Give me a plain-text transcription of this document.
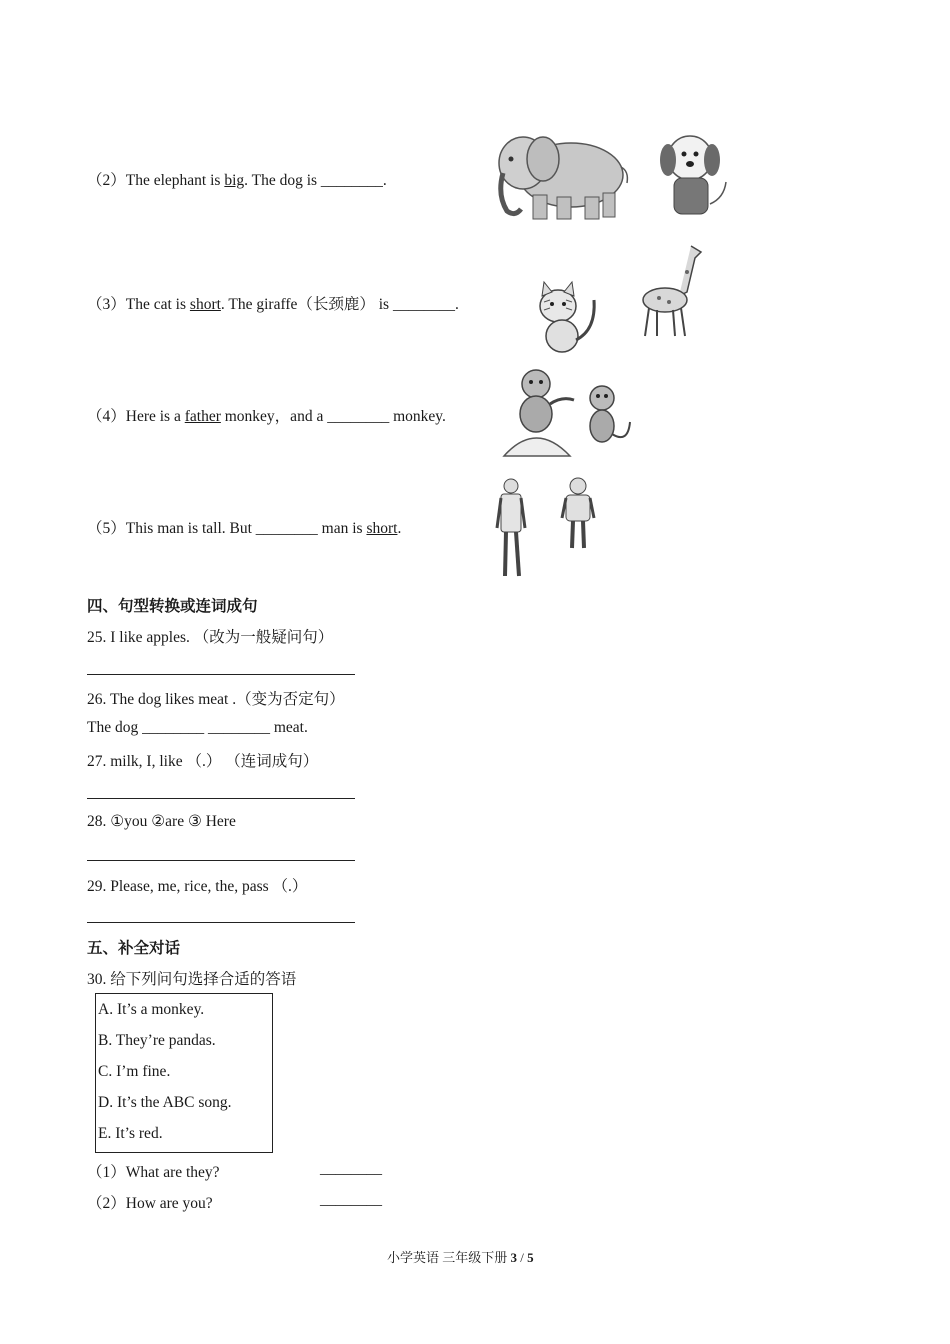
（2）The elephant is big. The dog is ________.
（3）The cat is short. The giraffe（长颈鹿） is ________.
（4）Here is a father monkey，and a ________ monkey.
（5）This man is tall. But ________ man is short.
四、句型转换或连词成句
25. I like apples. （改为一般疑问句）
26. The dog likes meat .（变为否定句）
The dog ________ ________ meat.
27. milk, I, like （.） （连词成句）
28. ①you ②are ③ Here
29. Please, me, rice, the, pass （.）
五、补全对话
30. 给下列问句选择合适的答语
A. It’s a monkey.
B. They’re pandas.
C. I’m fine.
D. It’s the ABC song.
E. It’s red.
（1）What are they?	________
（2）How are you?	________
小学英语 三年级下册 3 / 5
